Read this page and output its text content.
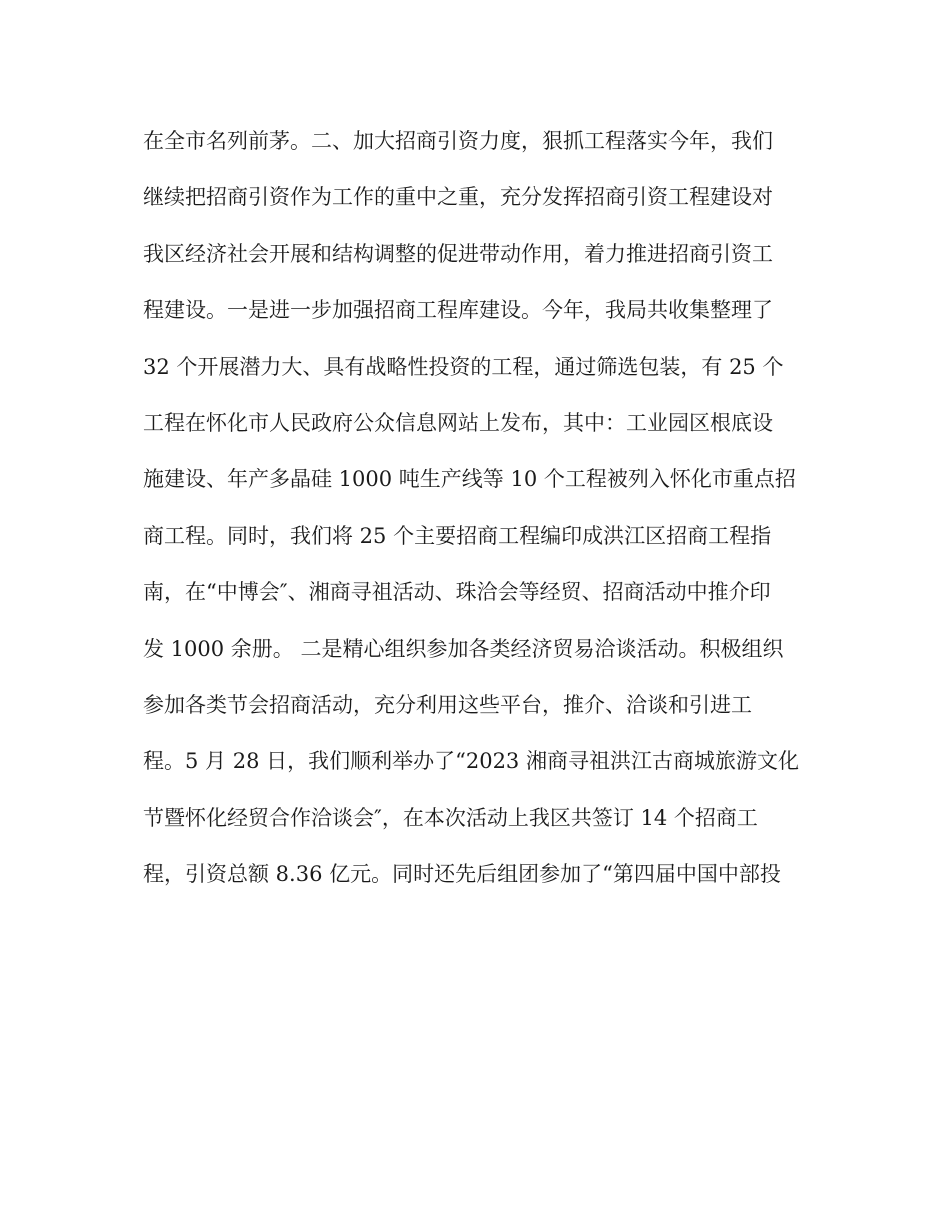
在全市名列前茅。二、加大招商引资力度，狠抓工程落实今年，我们
继续把招商引资作为工作的重中之重，充分发挥招商引资工程建设对
我区经济社会开展和结构调整的促进带动作用，着力推进招商引资工
程建设。一是进一步加强招商工程库建设。今年，我局共收集整理了
32 个开展潜力大、具有战略性投资的工程，通过筛选包装，有 25 个
工程在怀化市人民政府公众信息网站上发布，其中：工业园区根底设
施建设、年产多晶硅 1000 吨生产线等 10 个工程被列入怀化市重点招
商工程。同时，我们将 25 个主要招商工程编印成洪江区招商工程指
南，在“中博会″、湘商寻祖活动、珠洽会等经贸、招商活动中推介印
发 1000 余册。 二是精心组织参加各类经济贸易洽谈活动。积极组织
参加各类节会招商活动，充分利用这些平台，推介、洽谈和引进工
程。5 月 28 日，我们顺利举办了“2023 湘商寻祖洪江古商城旅游文化
节暨怀化经贸合作洽谈会″，在本次活动上我区共签订 14 个招商工
程，引资总额 8.36 亿元。同时还先后组团参加了“第四届中国中部投
